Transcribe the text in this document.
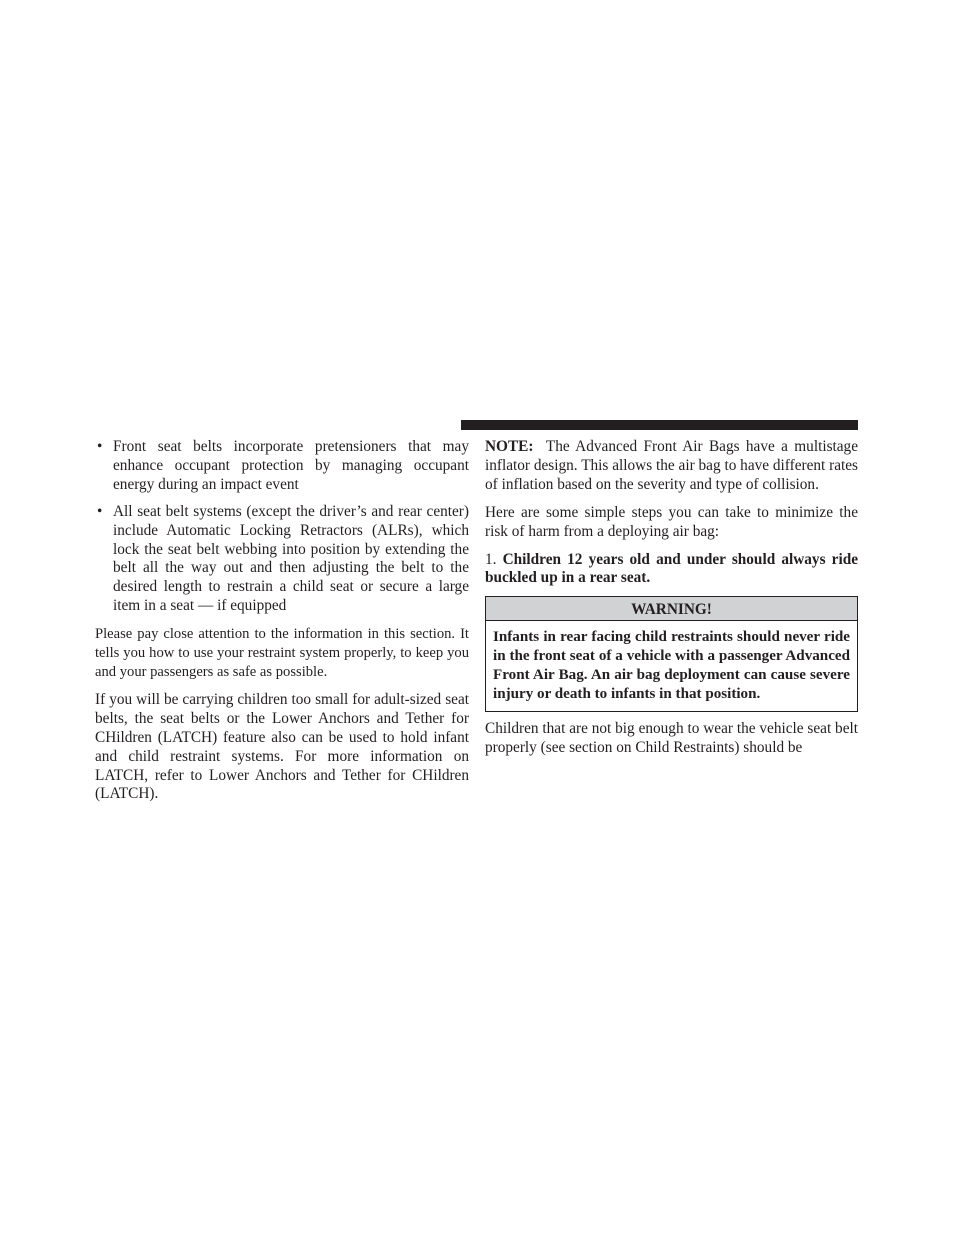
• Front seat belts incorporate pretensioners that may enhance occupant protection by managing occupant energy during an impact event
• All seat belt systems (except the driver’s and rear center) include Automatic Locking Retractors (ALRs), which lock the seat belt webbing into position by extending the belt all the way out and then adjusting the belt to the desired length to restrain a child seat or secure a large item in a seat — if equipped

Please pay close attention to the information in this section. It tells you how to use your restraint system properly, to keep you and your passengers as safe as possible.

If you will be carrying children too small for adult-sized seat belts, the seat belts or the Lower Anchors and Tether for CHildren (LATCH) feature also can be used to hold infant and child restraint systems. For more information on LATCH, refer to Lower Anchors and Tether for CHildren (LATCH).

NOTE: The Advanced Front Air Bags have a multistage inflator design. This allows the air bag to have different rates of inflation based on the severity and type of collision.

Here are some simple steps you can take to minimize the risk of harm from a deploying air bag:

1. Children 12 years old and under should always ride buckled up in a rear seat.

WARNING!
Infants in rear facing child restraints should never ride in the front seat of a vehicle with a passenger Advanced Front Air Bag. An air bag deployment can cause severe injury or death to infants in that position.

Children that are not big enough to wear the vehicle seat belt properly (see section on Child Restraints) should be
